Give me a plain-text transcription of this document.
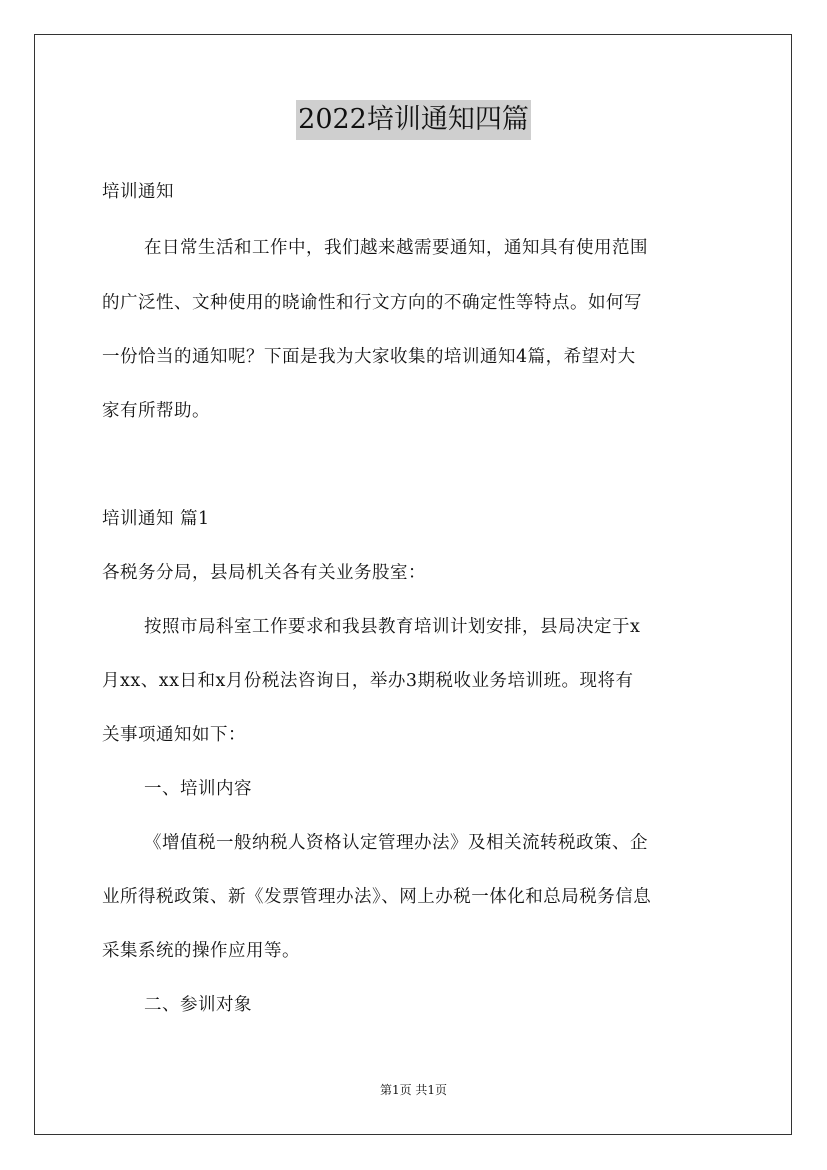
2022培训通知四篇
培训通知
在日常生活和工作中，我们越来越需要通知，通知具有使用范围
的广泛性、文种使用的晓谕性和行文方向的不确定性等特点。如何写
一份恰当的通知呢？下面是我为大家收集的培训通知4篇，希望对大
家有所帮助。
培训通知 篇1
各税务分局，县局机关各有关业务股室：
按照市局科室工作要求和我县教育培训计划安排，县局决定于x
月xx、xx日和x月份税法咨询日，举办3期税收业务培训班。现将有
关事项通知如下：
一、培训内容
《增值税一般纳税人资格认定管理办法》及相关流转税政策、企
业所得税政策、新《发票管理办法》、网上办税一体化和总局税务信息
采集系统的操作应用等。
二、参训对象
第1页 共1页
